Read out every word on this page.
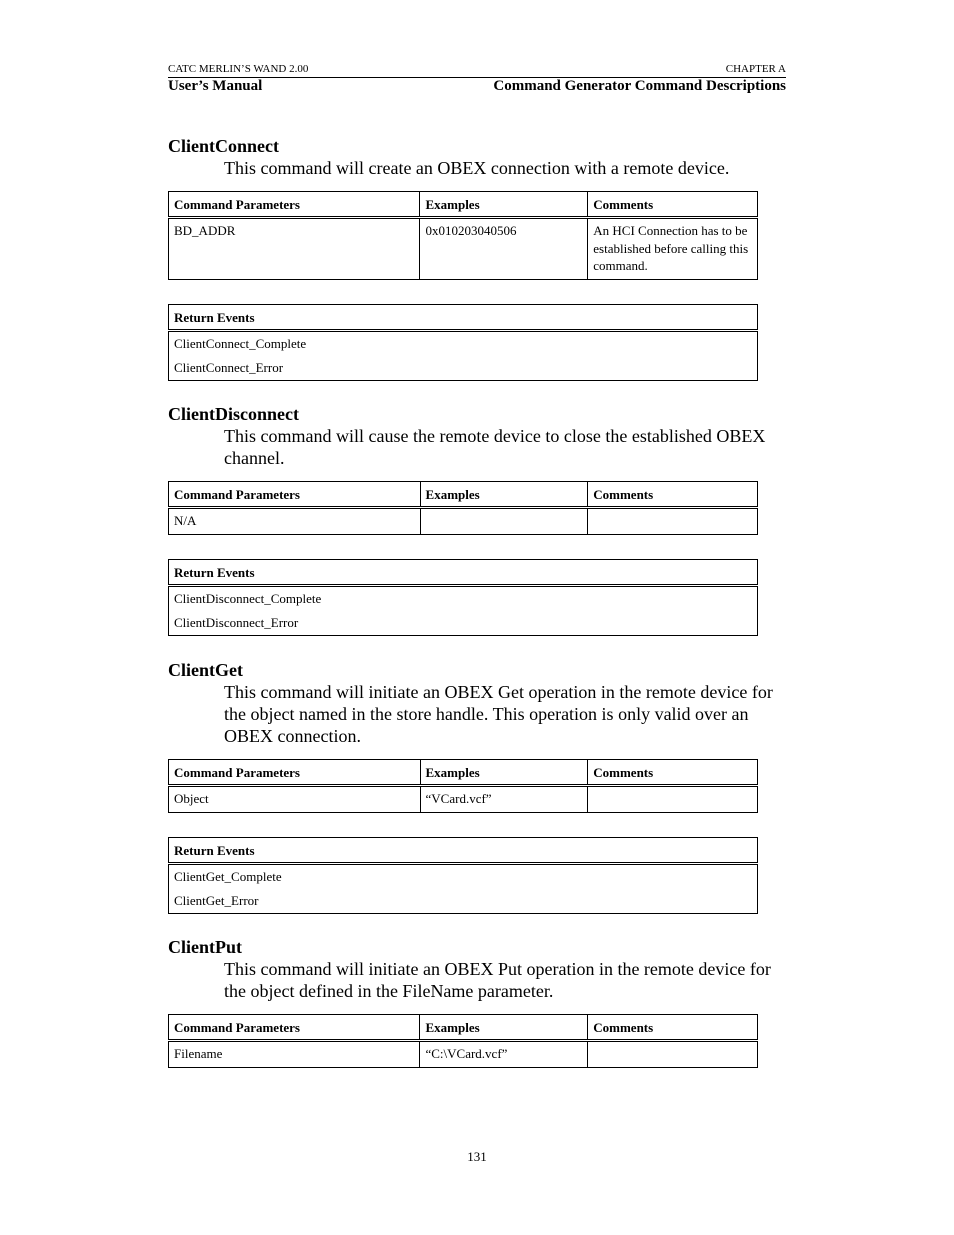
CATC MERLIN’S WAND 2.00	CHAPTER A
User’s Manual	Command Generator Command Descriptions
ClientConnect
This command will create an OBEX connection with a remote device.
Command Parameters	Examples	Comments
BD_ADDR	0x010203040506	An HCI Connection has to be established before calling this command.
Return Events
ClientConnect_Complete
ClientConnect_Error
ClientDisconnect
This command will cause the remote device to close the established OBEX channel.
Command Parameters	Examples	Comments
N/A		
Return Events
ClientDisconnect_Complete
ClientDisconnect_Error
ClientGet
This command will initiate an OBEX Get operation in the remote device for the object named in the store handle. This operation is only valid over an OBEX connection.
Command Parameters	Examples	Comments
Object	“VCard.vcf”	
Return Events
ClientGet_Complete
ClientGet_Error
ClientPut
This command will initiate an OBEX Put operation in the remote device for the object defined in the FileName parameter.
Command Parameters	Examples	Comments
Filename	“C:\VCard.vcf”	
131
